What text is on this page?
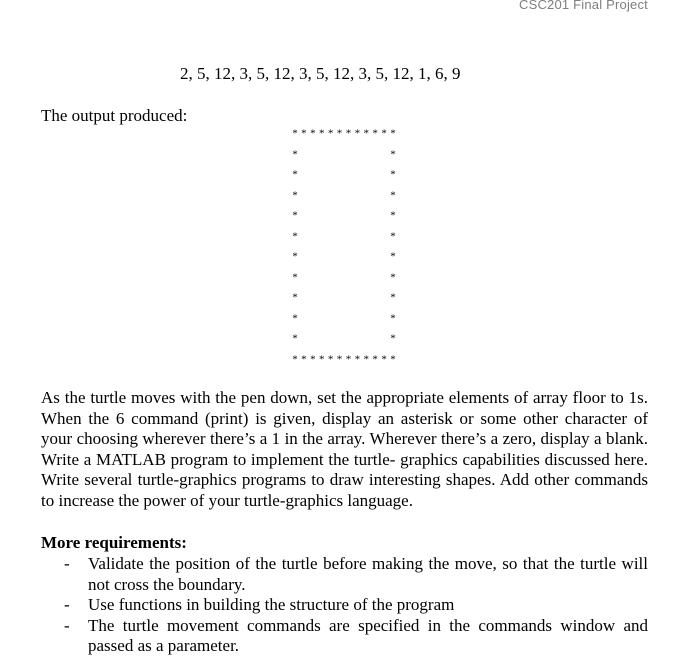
CSC201 Final Project
2, 5, 12, 3, 5, 12, 3, 5, 12, 3, 5, 12, 1, 6, 9
The output produced:
* * * * * * * * * * * *
*	*
*	*
*	*
*	*
*	*
*	*
*	*
*	*
*	*
*	*
* * * * * * * * * * * *
As the turtle moves with the pen down, set the appropriate elements of array floor to 1s. When the 6 command (print) is given, display an asterisk or some other character of your choosing wherever there’s a 1 in the array. Wherever there’s a zero, display a blank. Write a MATLAB program to implement the turtle- graphics capabilities discussed here. Write several turtle-graphics programs to draw interesting shapes. Add other commands to increase the power of your turtle-graphics language.
More requirements:
- Validate the position of the turtle before making the move, so that the turtle will not cross the boundary.
- Use functions in building the structure of the program
- The turtle movement commands are specified in the commands window and passed as a parameter.
